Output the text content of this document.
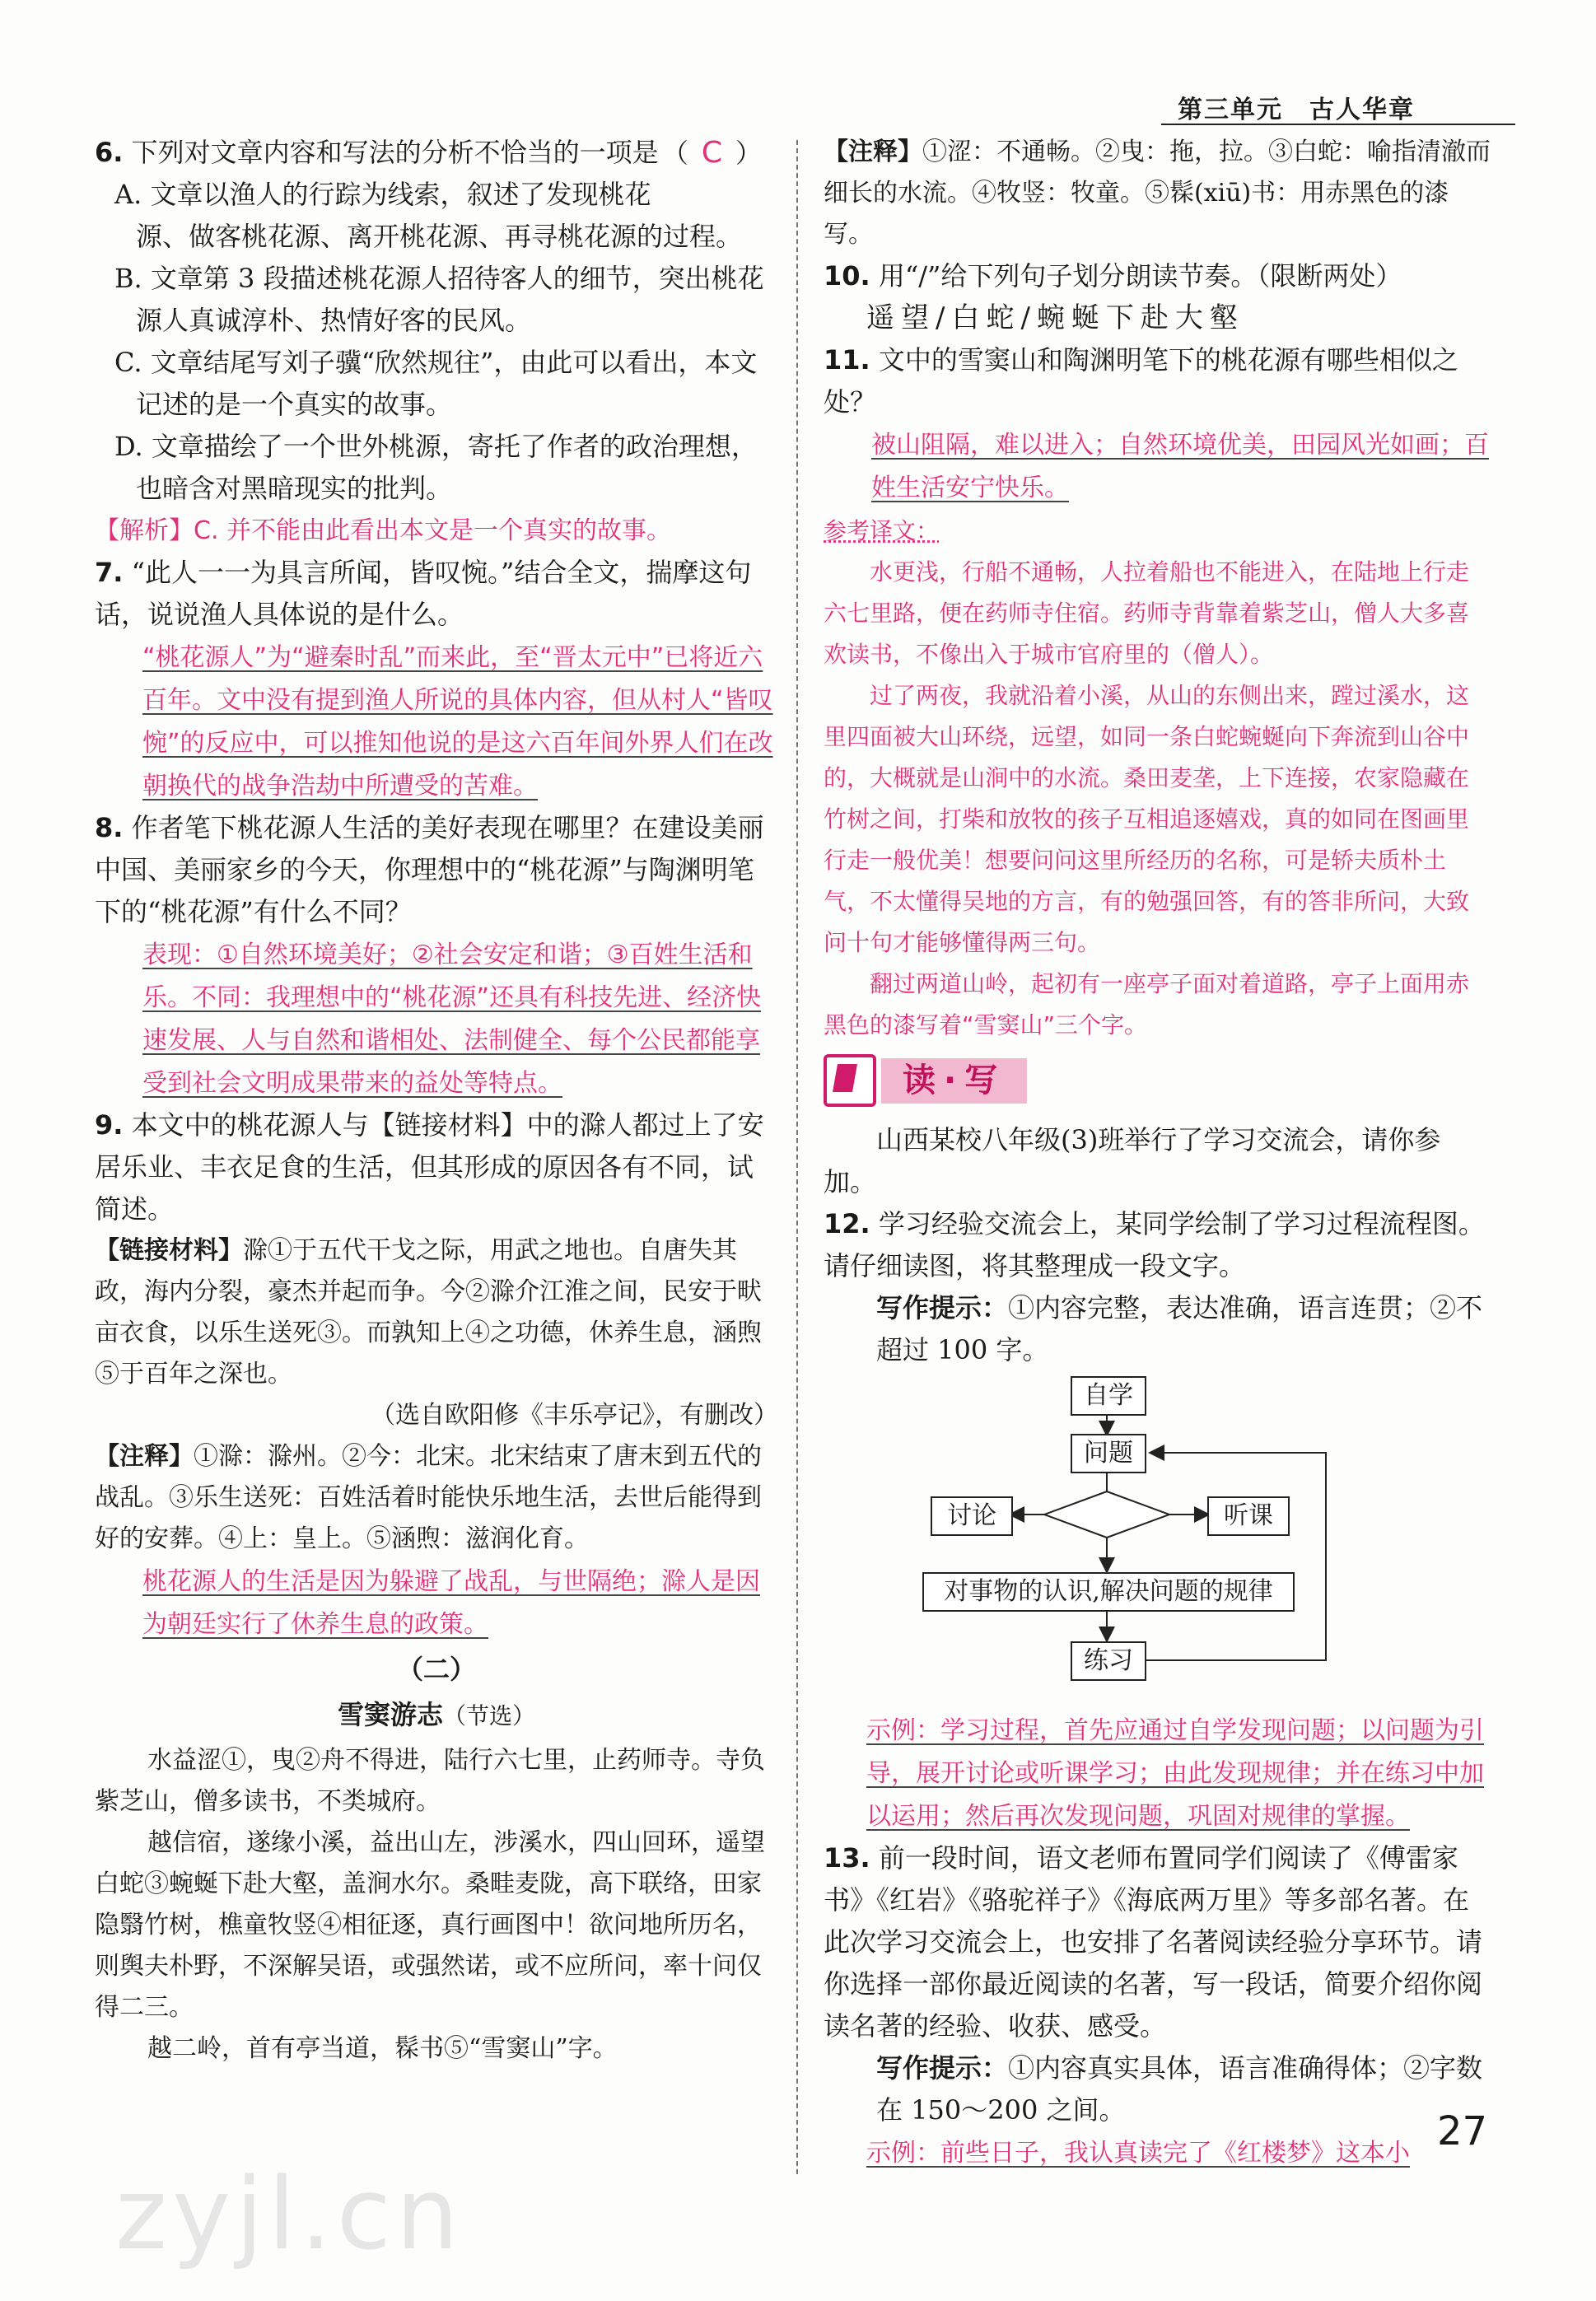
第三单元　古人华章

6. 下列对文章内容和写法的分析不恰当的一项是 （ C ）

A. 文章以渔人的行踪为线索，叙述了发现桃花源、做客桃花源、离开桃花源、再寻桃花源的过程。

B. 文章第 3 段描述桃花源人招待客人的细节，突出桃花源人真诚淳朴、热情好客的民风。

C. 文章结尾写刘子骥“欣然规往”，由此可以看出，本文记述的是一个真实的故事。

D. 文章描绘了一个世外桃源，寄托了作者的政治理想，也暗含对黑暗现实的批判。

【解析】C. 并不能由此看出本文是一个真实的故事。

7. “此人一一为具言所闻，皆叹惋。”结合全文，揣摩这句话，说说渔人具体说的是什么。

“桃花源人”为“避秦时乱”而来此，至“晋太元中”已将近六百年。文中没有提到渔人所说的具体内容，但从村人“皆叹惋”的反应中，可以推知他说的是这六百年间外界人们在改朝换代的战争浩劫中所遭受的苦难。

8. 作者笔下桃花源人生活的美好表现在哪里？在建设美丽中国、美丽家乡的今天，你理想中的“桃花源”与陶渊明笔下的“桃花源”有什么不同？

表现：①自然环境美好；②社会安定和谐；③百姓生活和乐。不同：我理想中的“桃花源”还具有科技先进、经济快速发展、人与自然和谐相处、法制健全、每个公民都能享受到社会文明成果带来的益处等特点。

9. 本文中的桃花源人与【链接材料】中的滁人都过上了安居乐业、丰衣足食的生活，但其形成的原因各有不同，试简述。

【链接材料】滁①于五代干戈之际，用武之地也。自唐失其政，海内分裂，豪杰并起而争。今②滁介江淮之间，民安于畎亩衣食，以乐生送死③。而孰知上④之功德，休养生息，涵煦⑤于百年之深也。

（选自欧阳修《丰乐亭记》，有删改）

【注释】①滁：滁州。②今：北宋。北宋结束了唐末到五代的战乱。③乐生送死：百姓活着时能快乐地生活，去世后能得到好的安葬。④上：皇上。⑤涵煦：滋润化育。

桃花源人的生活是因为躲避了战乱，与世隔绝；滁人是因为朝廷实行了休养生息的政策。

（二）

雪窦游志（节选）

水益涩①，曳②舟不得进，陆行六七里，止药师寺。寺负紫芝山，僧多读书，不类城府。

越信宿，遂缘小溪，益出山左，涉溪水，四山回环，遥望白蛇③蜿蜒下赴大壑，盖涧水尔。桑畦麦陇，高下联络，田家隐翳竹树，樵童牧竖④相征逐，真行画图中！欲问地所历名，则舆夫朴野，不深解吴语，或强然诺，或不应所问，率十问仅得二三。

越二岭，首有亭当道，髹书⑤“雪窦山”字。

【注释】①涩：不通畅。②曳：拖，拉。③白蛇：喻指清澈而细长的水流。④牧竖：牧童。⑤髹(xiū)书：用赤黑色的漆写。

10. 用“/”给下列句子划分朗读节奏。（限断两处）

遥望/白蛇/蜿蜒下赴大壑

11. 文中的雪窦山和陶渊明笔下的桃花源有哪些相似之处？

被山阻隔，难以进入；自然环境优美，田园风光如画；百姓生活安宁快乐。

参考译文：

水更浅，行船不通畅，人拉着船也不能进入，在陆地上行走六七里路，便在药师寺住宿。药师寺背靠着紫芝山，僧人大多喜欢读书，不像出入于城市官府里的（僧人）。

过了两夜，我就沿着小溪，从山的东侧出来，蹚过溪水，这里四面被大山环绕，远望，如同一条白蛇蜿蜒向下奔流到山谷中的，大概就是山涧中的水流。桑田麦垄，上下连接，农家隐藏在竹树之间，打柴和放牧的孩子互相追逐嬉戏，真的如同在图画里行走一般优美！想要问问这里所经历的名称，可是轿夫质朴土气，不太懂得吴地的方言，有的勉强回答，有的答非所问，大致问十句才能够懂得两三句。

翻过两道山岭，起初有一座亭子面对着道路，亭子上面用赤黑色的漆写着“雪窦山”三个字。

读·写

山西某校八年级(3)班举行了学习交流会，请你参加。

12. 学习经验交流会上，某同学绘制了学习过程流程图。请仔细读图，将其整理成一段文字。

写作提示：①内容完整，表达准确，语言连贯；②不超过 100 字。

自学
问题
讨论	听课
对事物的认识,解决问题的规律
练习

示例：学习过程，首先应通过自学发现问题；以问题为引导，展开讨论或听课学习；由此发现规律；并在练习中加以运用；然后再次发现问题，巩固对规律的掌握。

13. 前一段时间，语文老师布置同学们阅读了《傅雷家书》《红岩》《骆驼祥子》《海底两万里》等多部名著。在此次学习交流会上，也安排了名著阅读经验分享环节。请你选择一部你最近阅读的名著，写一段话，简要介绍你阅读名著的经验、收获、感受。

写作提示：①内容真实具体，语言准确得体；②字数在 150～200 之间。

示例：前些日子，我认真读完了《红楼梦》这本小

zyjl.cn
27
